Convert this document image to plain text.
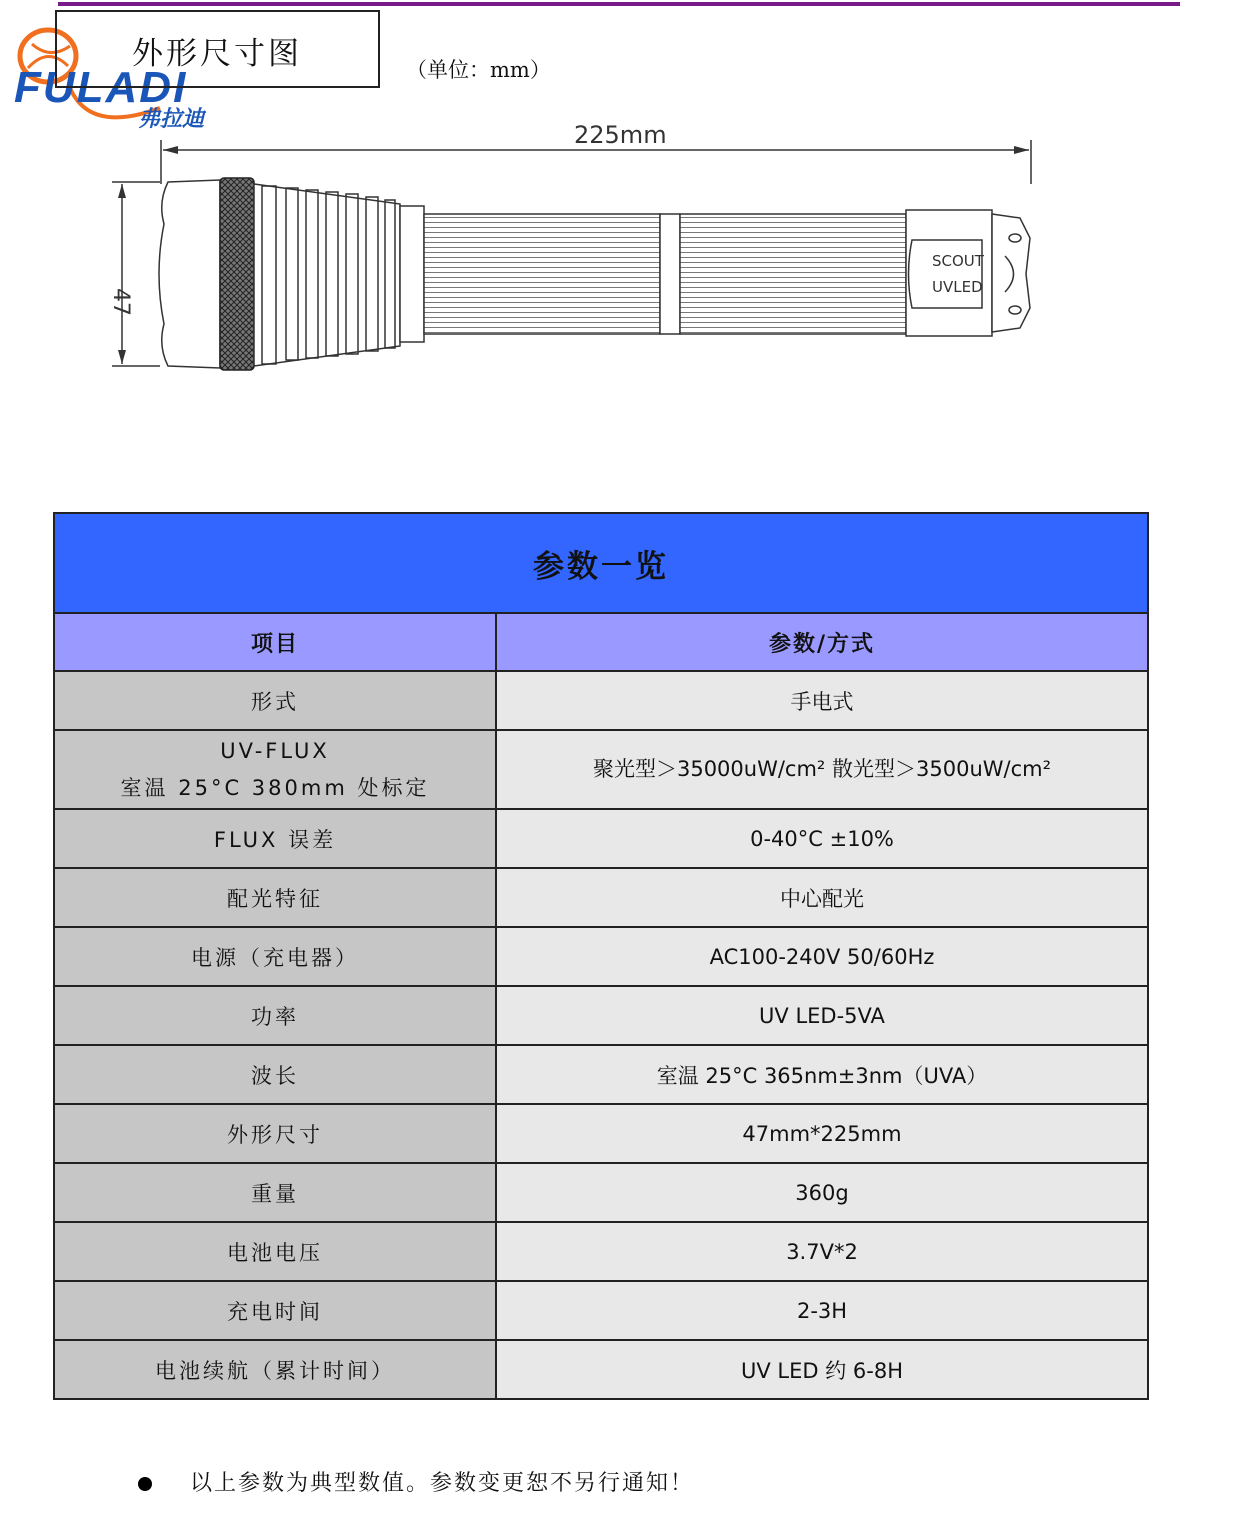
FULADI
弗拉迪
外形尺寸图	（单位：mm）
225mm
47
SCOUT
UVLED
参数一览	
项目	参数/方式
形式	手电式
UV-FLUX
室温 25°C 380mm 处标定	聚光型＞35000uW/cm² 散光型＞3500uW/cm²
FLUX 误差	0-40°C ±10%
配光特征	中心配光
电源（充电器）	AC100-240V 50/60Hz
功率	UV LED-5VA
波长	室温 25°C 365nm±3nm（UVA）
外形尺寸	47mm*225mm
重量	360g
电池电压	3.7V*2
充电时间	2-3H
电池续航（累计时间）	UV LED 约 6-8H
以上参数为典型数值。参数变更恕不另行通知！
